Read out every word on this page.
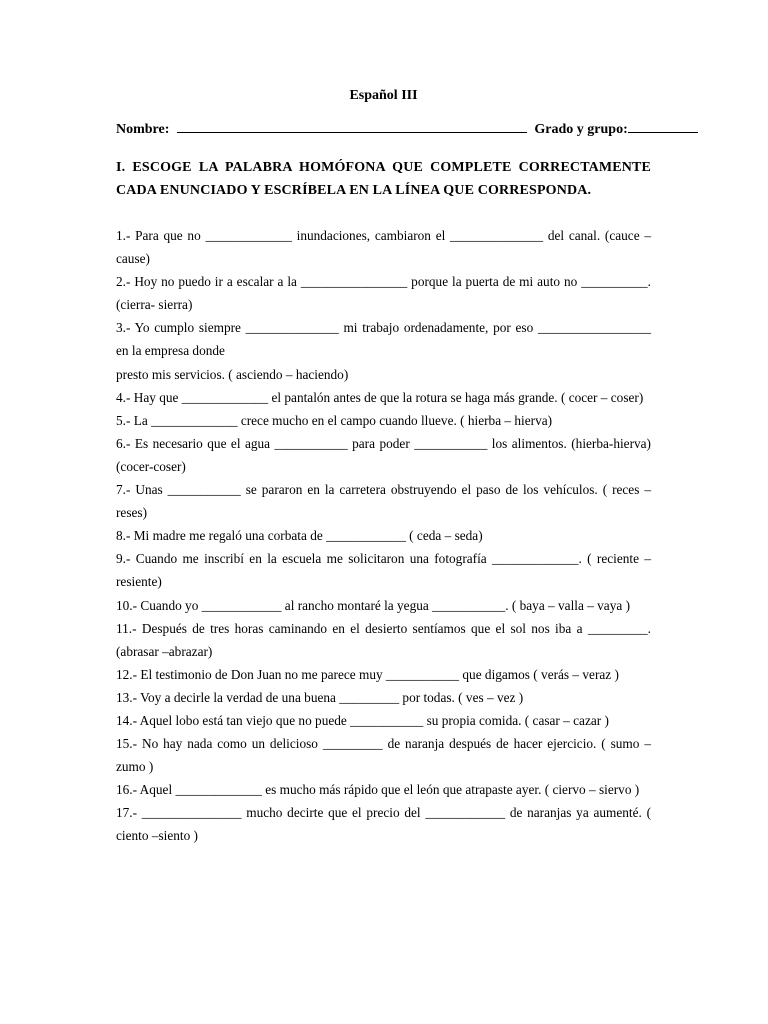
Español III
Nombre:	Grado y grupo:
I. ESCOGE LA PALABRA HOMÓFONA QUE COMPLETE CORRECTAMENTE CADA ENUNCIADO Y ESCRÍBELA EN LA LÍNEA QUE CORRESPONDA.

1.- Para que no _____________ inundaciones, cambiaron el ______________ del canal. (cauce – cause)

2.- Hoy no puedo ir a escalar a la ________________ porque la puerta de mi auto no __________. (cierra- sierra)

3.- Yo cumplo siempre ______________ mi trabajo ordenadamente, por eso _________________ en la empresa donde

presto mis servicios. ( asciendo – haciendo)

4.- Hay que _____________ el pantalón antes de que la rotura se haga más grande. ( cocer – coser)

5.- La _____________ crece mucho en el campo cuando llueve. ( hierba – hierva)

6.- Es necesario que el agua ___________ para poder ___________ los alimentos. (hierba-hierva) (cocer-coser)

7.- Unas ___________ se pararon en la carretera obstruyendo el paso de los vehículos. ( reces – reses)

8.- Mi madre me regaló una corbata de ____________ ( ceda – seda)

9.- Cuando me inscribí en la escuela me solicitaron una fotografía _____________. ( reciente – resiente)

10.- Cuando yo ____________ al rancho montaré la yegua ___________. ( baya – valla – vaya )

11.- Después de tres horas caminando en el desierto sentíamos que el sol nos iba a _________. (abrasar –abrazar)

12.- El testimonio de Don Juan no me parece muy ___________ que digamos ( verás – veraz )

13.- Voy a decirle la verdad de una buena _________ por todas. ( ves – vez )

14.- Aquel lobo está tan viejo que no puede ___________ su propia comida. ( casar – cazar )

15.- No hay nada como un delicioso _________ de naranja después de hacer ejercicio. ( sumo –zumo )

16.- Aquel _____________ es mucho más rápido que el león que atrapaste ayer. ( ciervo – siervo )

17.- _______________ mucho decirte que el precio del ____________ de naranjas ya aumenté. ( ciento –siento )
